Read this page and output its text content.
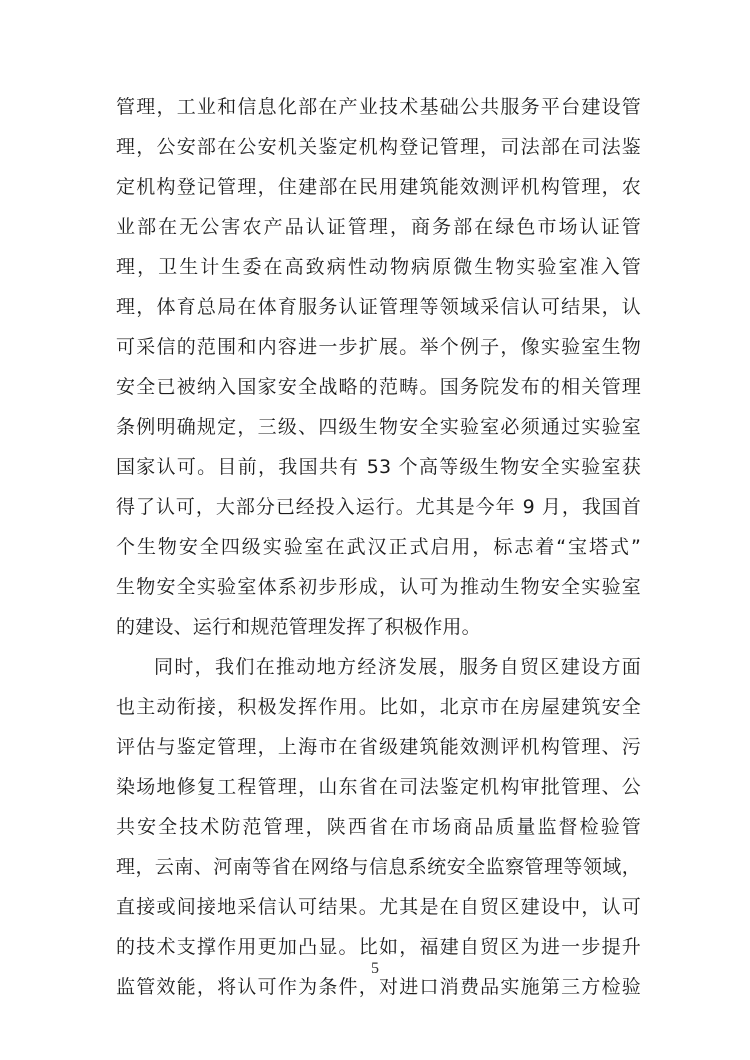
管理，工业和信息化部在产业技术基础公共服务平台建设管
理，公安部在公安机关鉴定机构登记管理，司法部在司法鉴
定机构登记管理，住建部在民用建筑能效测评机构管理，农
业部在无公害农产品认证管理，商务部在绿色市场认证管
理，卫生计生委在高致病性动物病原微生物实验室准入管
理，体育总局在体育服务认证管理等领域采信认可结果，认
可采信的范围和内容进一步扩展。举个例子，像实验室生物
安全已被纳入国家安全战略的范畴。国务院发布的相关管理
条例明确规定，三级、四级生物安全实验室必须通过实验室
国家认可。目前，我国共有 53 个高等级生物安全实验室获
得了认可，大部分已经投入运行。尤其是今年 9 月，我国首
个生物安全四级实验室在武汉正式启用，标志着“宝塔式”
生物安全实验室体系初步形成，认可为推动生物安全实验室
的建设、运行和规范管理发挥了积极作用。
同时，我们在推动地方经济发展，服务自贸区建设方面
也主动衔接，积极发挥作用。比如，北京市在房屋建筑安全
评估与鉴定管理，上海市在省级建筑能效测评机构管理、污
染场地修复工程管理，山东省在司法鉴定机构审批管理、公
共安全技术防范管理，陕西省在市场商品质量监督检验管
理，云南、河南等省在网络与信息系统安全监察管理等领域，
直接或间接地采信认可结果。尤其是在自贸区建设中，认可
的技术支撑作用更加凸显。比如，福建自贸区为进一步提升
监管效能，将认可作为条件，对进口消费品实施第三方检验
5
